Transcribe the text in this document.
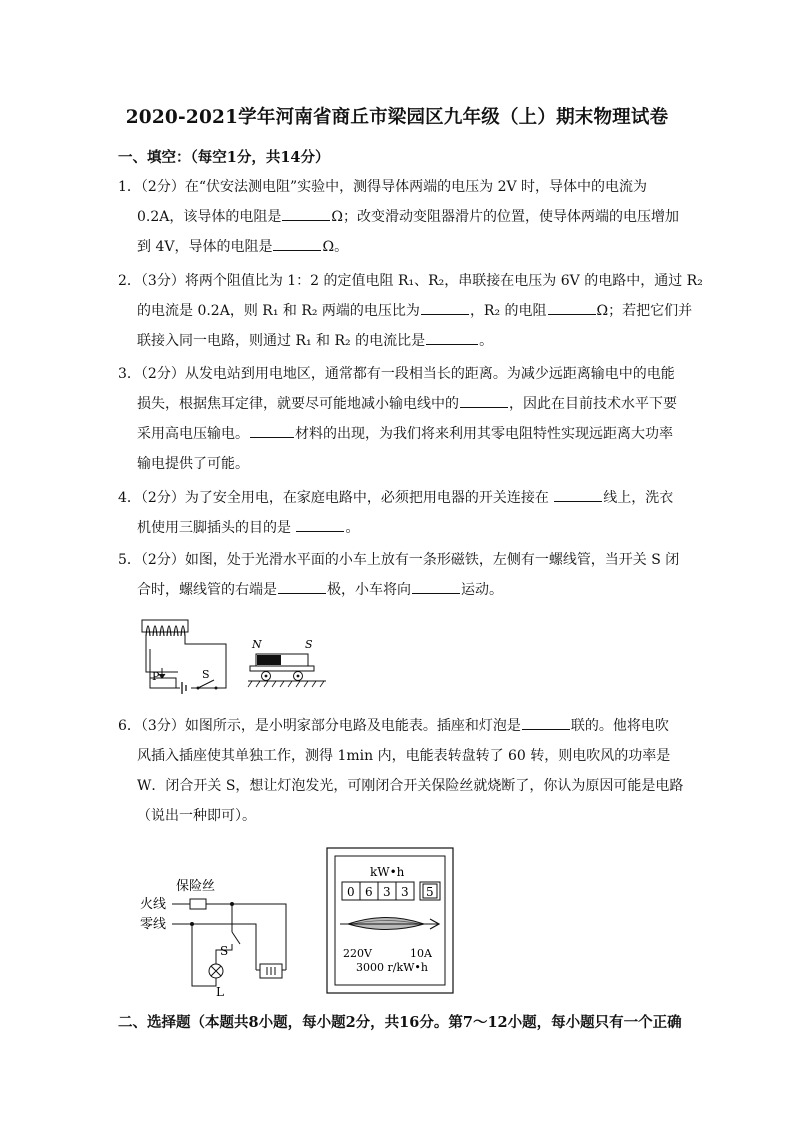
2020-2021学年河南省商丘市梁园区九年级（上）期末物理试卷
一、填空：（每空1分，共14分）
1．（2分）在“伏安法测电阻”实验中，测得导体两端的电压为 2V 时，导体中的电流为
0.2A，该导体的电阻是	Ω；改变滑动变阻器滑片的位置，使导体两端的电压增加
到 4V，导体的电阻是	Ω。
2．（3分）将两个阻值比为 1：2 的定值电阻 R₁、R₂，串联接在电压为 6V 的电路中，通过 R₂
的电流是 0.2A，则 R₁ 和 R₂ 两端的电压比为	，R₂ 的电阻	Ω；若把它们并
联接入同一电路，则通过 R₁ 和 R₂ 的电流比是	。
3．（2分）从发电站到用电地区，通常都有一段相当长的距离。为减少远距离输电中的电能
损失，根据焦耳定律，就要尽可能地减小输电线中的	，因此在目前技术水平下要
采用高电压输电。	材料的出现，为我们将来利用其零电阻特性实现远距离大功率
输电提供了可能。
4．（2分）为了安全用电，在家庭电路中，必须把用电器的开关连接在	线上，洗衣
机使用三脚插头的目的是	。
5．（2分）如图，处于光滑水平面的小车上放有一条形磁铁，左侧有一螺线管，当开关 S 闭
合时，螺线管的右端是	极，小车将向	运动。
P	S
N	S
6．（3分）如图所示，是小明家部分电路及电能表。插座和灯泡是	联的。他将电吹
风插入插座使其单独工作，测得 1min 内，电能表转盘转了 60 转，则电吹风的功率是
W．闭合开关 S，想让灯泡发光，可刚闭合开关保险丝就烧断了，你认为原因可能是电路
（说出一种即可）。
保险丝
火线
零线
S
L
kW•h
0 6 3 3 5
220V	10A
3000 r/kW•h
二、选择题（本题共8小题，每小题2分，共16分。第7～12小题，每小题只有一个正确
